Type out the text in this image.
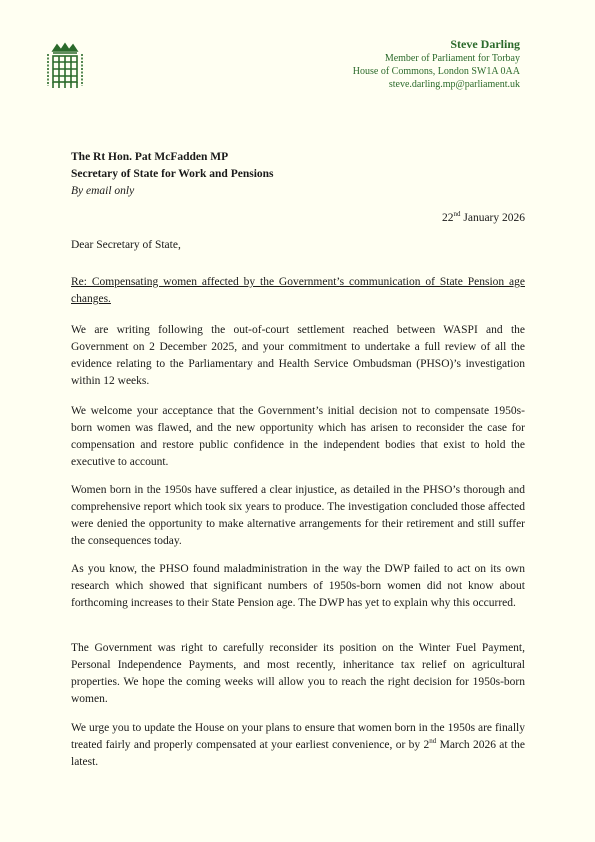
Steve Darling
Member of Parliament for Torbay
House of Commons, London SW1A 0AA
steve.darling.mp@parliament.uk
The Rt Hon. Pat McFadden MP
Secretary of State for Work and Pensions
By email only
22nd January 2026
Dear Secretary of State,
Re: Compensating women affected by the Government’s communication of State Pension age changes.

We are writing following the out-of-court settlement reached between WASPI and the Government on 2 December 2025, and your commitment to undertake a full review of all the evidence relating to the Parliamentary and Health Service Ombudsman (PHSO)’s investigation within 12 weeks.

We welcome your acceptance that the Government’s initial decision not to compensate 1950s-born women was flawed, and the new opportunity which has arisen to reconsider the case for compensation and restore public confidence in the independent bodies that exist to hold the executive to account.

Women born in the 1950s have suffered a clear injustice, as detailed in the PHSO’s thorough and comprehensive report which took six years to produce. The investigation concluded those affected were denied the opportunity to make alternative arrangements for their retirement and still suffer the consequences today.

As you know, the PHSO found maladministration in the way the DWP failed to act on its own research which showed that significant numbers of 1950s-born women did not know about forthcoming increases to their State Pension age. The DWP has yet to explain why this occurred.

The Government was right to carefully reconsider its position on the Winter Fuel Payment, Personal Independence Payments, and most recently, inheritance tax relief on agricultural properties. We hope the coming weeks will allow you to reach the right decision for 1950s-born women.

We urge you to update the House on your plans to ensure that women born in the 1950s are finally treated fairly and properly compensated at your earliest convenience, or by 2nd March 2026 at the latest.
